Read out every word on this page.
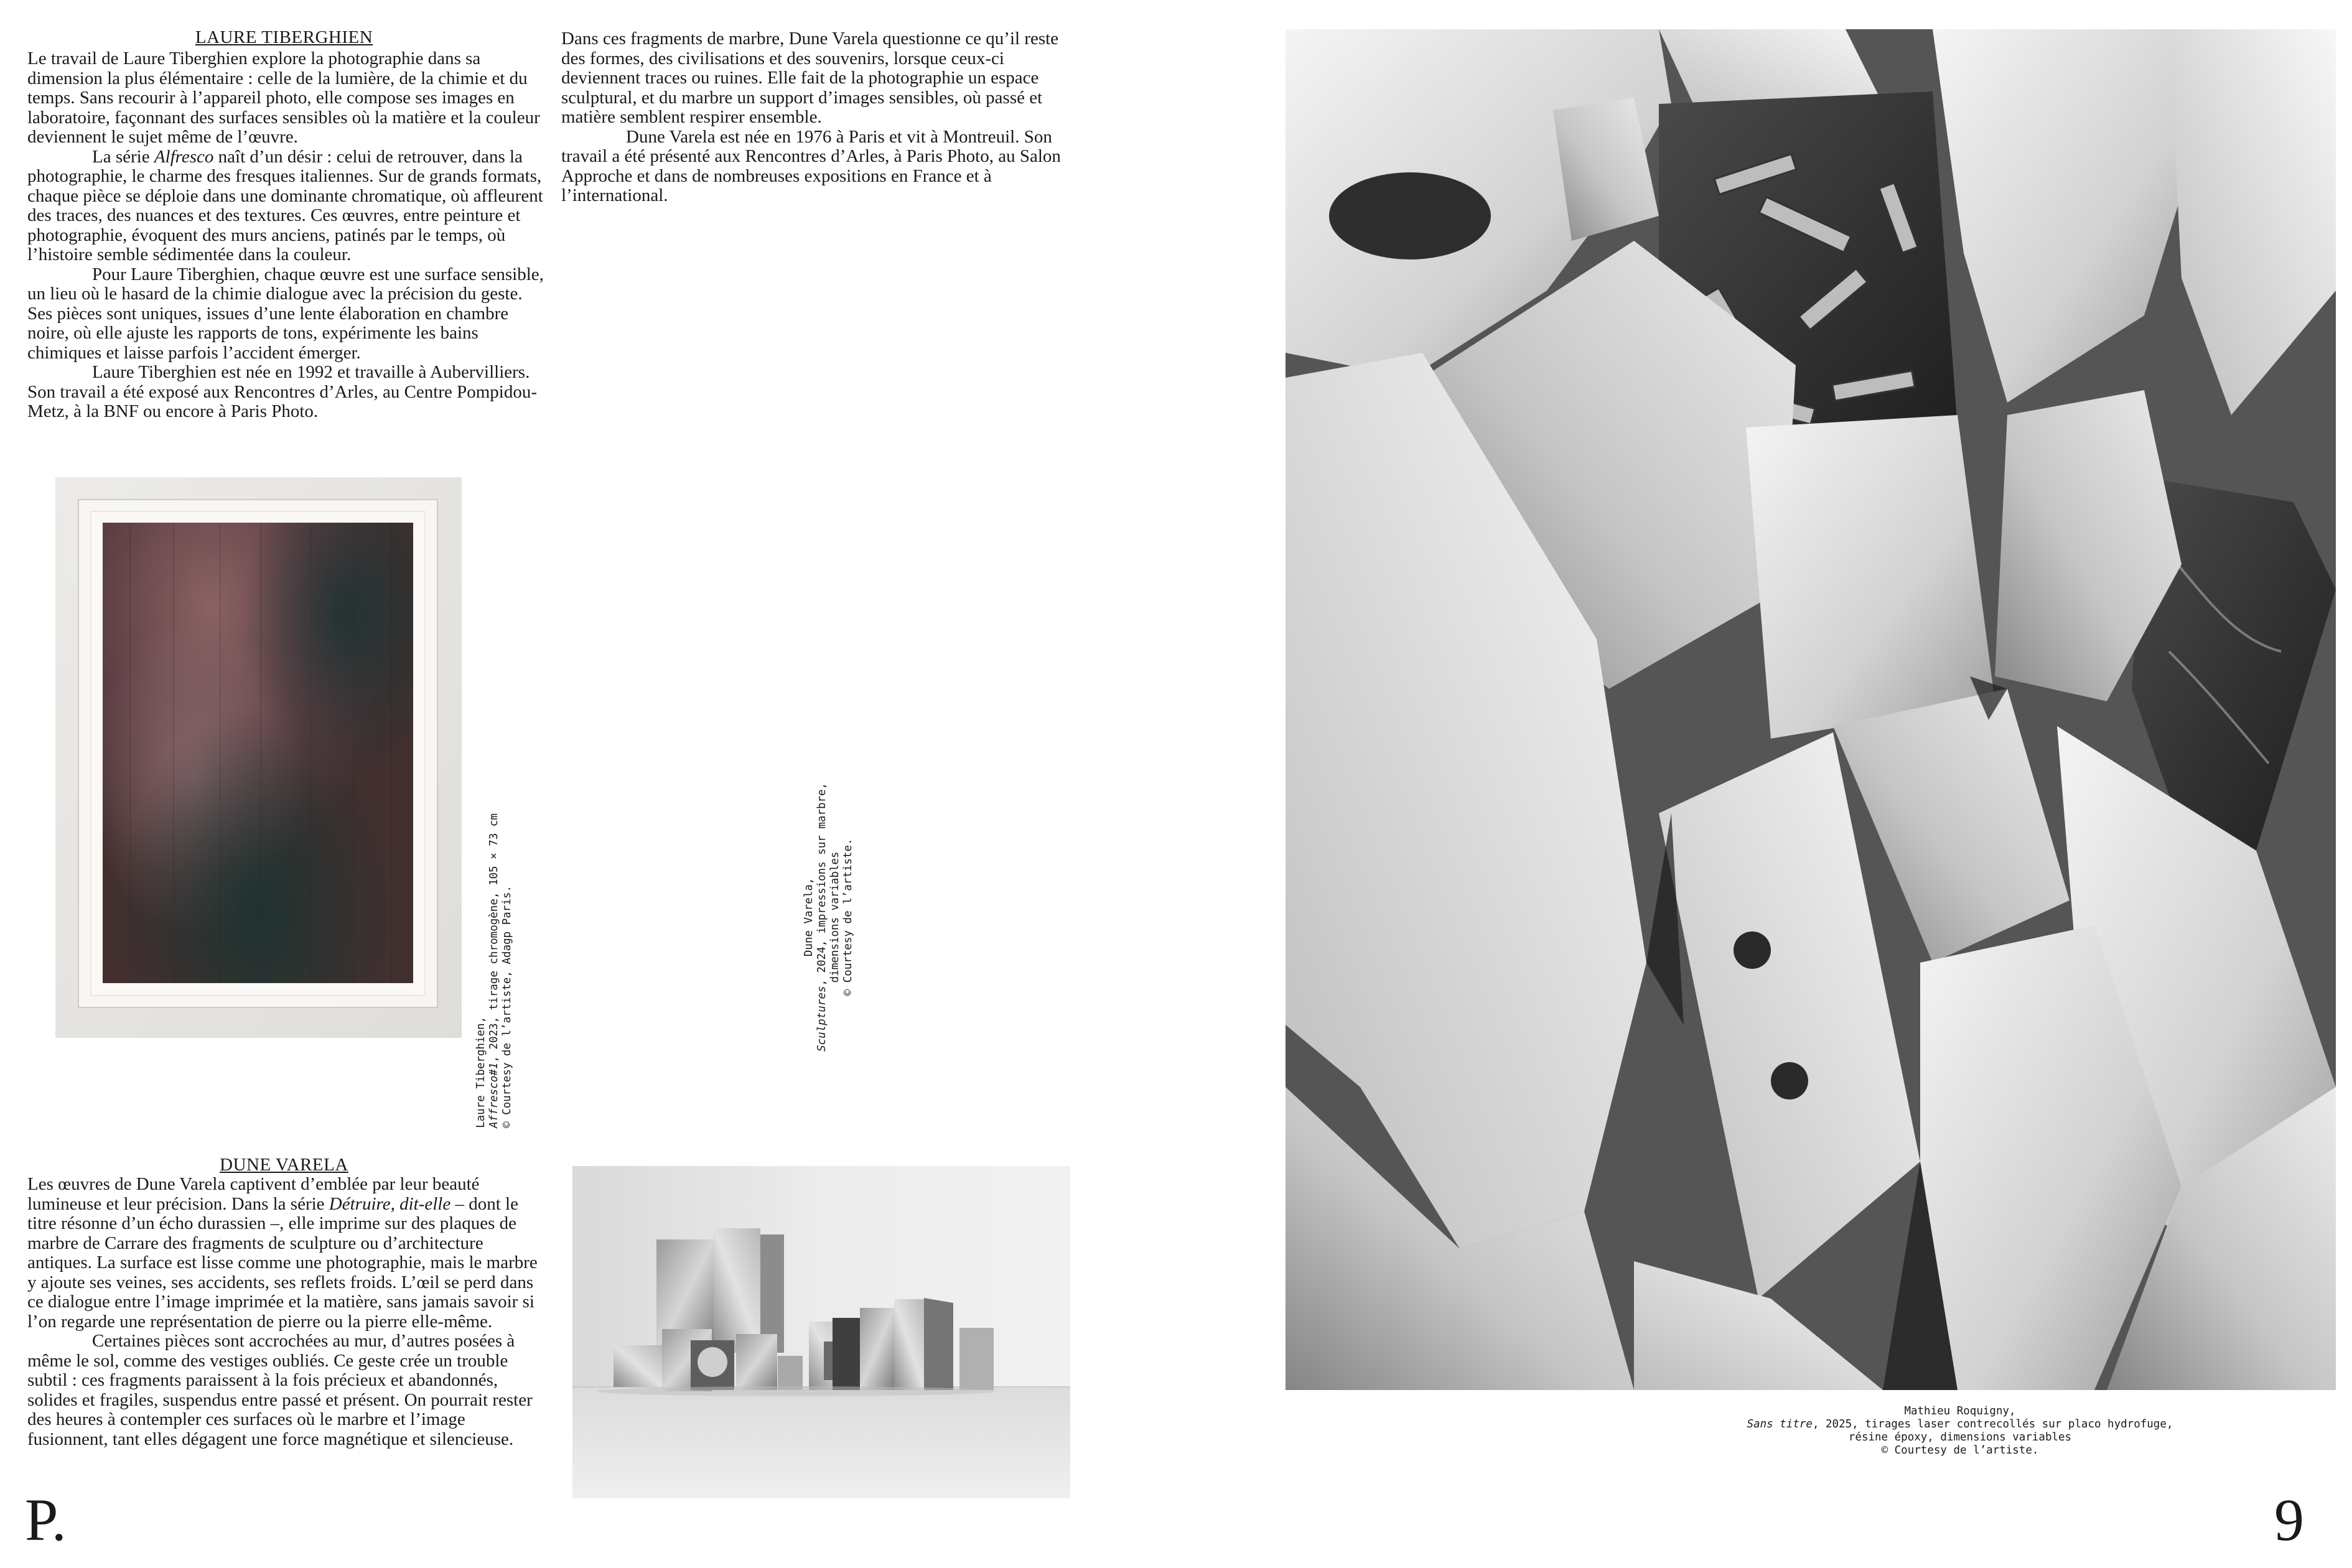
LAURE TIBERGHIEN

Le travail de Laure Tiberghien explore la photographie dans sa dimension la plus élémentaire : celle de la lumière, de la chimie et du temps. Sans recourir à l’appareil photo, elle compose ses images en laboratoire, façonnant des surfaces sensibles où la matière et la couleur deviennent le sujet même de l’œuvre.

La série Alfresco naît d’un désir : celui de retrouver, dans la photographie, le charme des fresques italiennes. Sur de grands formats, chaque pièce se déploie dans une dominante chromatique, où affleurent des traces, des nuances et des textures. Ces œuvres, entre peinture et photographie, évoquent des murs anciens, patinés par le temps, où l’histoire semble sédimentée dans la couleur.

Pour Laure Tiberghien, chaque œuvre est une surface sensible, un lieu où le hasard de la chimie dialogue avec la précision du geste. Ses pièces sont uniques, issues d’une lente élaboration en chambre noire, où elle ajuste les rapports de tons, expérimente les bains chimiques et laisse parfois l’accident émerger.

Laure Tiberghien est née en 1992 et travaille à Aubervilliers. Son travail a été exposé aux Rencontres d’Arles, au Centre Pompidou-Metz, à la BNF ou encore à Paris Photo.

Dans ces fragments de marbre, Dune Varela questionne ce qu’il reste des formes, des civilisations et des souvenirs, lorsque ceux-ci deviennent traces ou ruines. Elle fait de la photographie un espace sculptural, et du marbre un support d’images sensibles, où passé et matière semblent respirer ensemble.

Dune Varela est née en 1976 à Paris et vit à Montreuil. Son travail a été présenté aux Rencontres d’Arles, à Paris Photo, au Salon Approche et dans de nombreuses expositions en France et à l’international.

Laure Tiberghien, Affresco#1, 2023, tirage chromogène, 105 × 73 cm © Courtesy de l’artiste, Adagp Paris.	Dune Varela,
Sculptures, 2024, impressions sur marbre, dimensions variables © Courtesy de l’artiste.
DUNE VARELA

Les œuvres de Dune Varela captivent d’emblée par leur beauté lumineuse et leur précision. Dans la série Détruire, dit-elle – dont le titre résonne d’un écho durassien –, elle imprime sur des plaques de marbre de Carrare des fragments de sculpture ou d’architecture antiques. La surface est lisse comme une photographie, mais le marbre y ajoute ses veines, ses accidents, ses reflets froids. L’œil se perd dans ce dialogue entre l’image imprimée et la matière, sans jamais savoir si l’on regarde une représentation de pierre ou la pierre elle-même.

Certaines pièces sont accrochées au mur, d’autres posées à même le sol, comme des vestiges oubliés. Ce geste crée un trouble subtil : ces fragments paraissent à la fois précieux et abandonnés, solides et fragiles, suspendus entre passé et présent. On pourrait rester des heures à contempler ces surfaces où le marbre et l’image fusionnent, tant elles dégagent une force magnétique et silencieuse.

Mathieu Roquigny,
Sans titre, 2025, tirages laser contrecollés sur placo hydrofuge,
résine époxy, dimensions variables
© Courtesy de l’artiste.
P.	9
